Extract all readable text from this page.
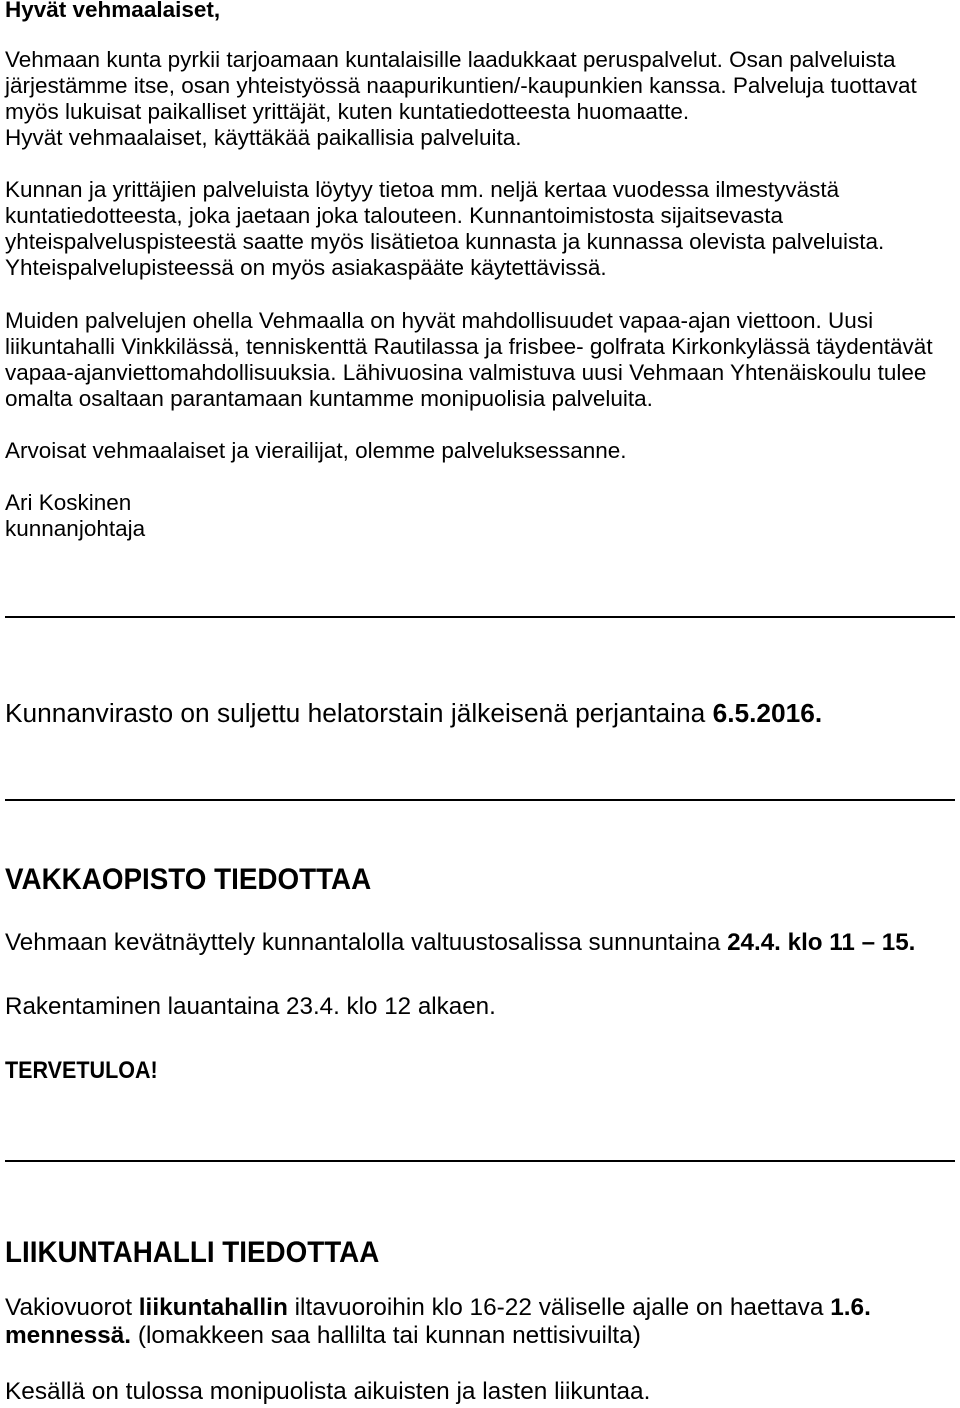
Hyvät vehmaalaiset,
Vehmaan kunta pyrkii tarjoamaan kuntalaisille laadukkaat peruspalvelut. Osan palveluista
järjestämme itse, osan yhteistyössä naapurikuntien/-kaupunkien kanssa. Palveluja tuottavat
myös lukuisat paikalliset yrittäjät, kuten kuntatiedotteesta huomaatte.
Hyvät vehmaalaiset, käyttäkää paikallisia palveluita.
Kunnan ja yrittäjien palveluista löytyy tietoa mm. neljä kertaa vuodessa ilmestyvästä
kuntatiedotteesta, joka jaetaan joka talouteen. Kunnantoimistosta sijaitsevasta
yhteispalveluspisteestä saatte myös lisätietoa kunnasta ja kunnassa olevista palveluista.
Yhteispalvelupisteessä on myös asiakaspääte käytettävissä.
Muiden palvelujen ohella Vehmaalla on hyvät mahdollisuudet vapaa-ajan viettoon. Uusi
liikuntahalli Vinkkilässä, tenniskenttä Rautilassa ja frisbee- golfrata Kirkonkylässä täydentävät
vapaa-ajanviettomahdollisuuksia. Lähivuosina valmistuva uusi Vehmaan Yhtenäiskoulu tulee
omalta osaltaan parantamaan kuntamme monipuolisia palveluita.
Arvoisat vehmaalaiset ja vierailijat, olemme palveluksessanne.
Ari Koskinen
kunnanjohtaja
Kunnanvirasto on suljettu helatorstain jälkeisenä perjantaina 6.5.2016.
VAKKAOPISTO TIEDOTTAA
Vehmaan kevätnäyttely kunnantalolla valtuustosalissa sunnuntaina 24.4. klo 11 – 15.
Rakentaminen lauantaina 23.4. klo 12 alkaen.
TERVETULOA!
LIIKUNTAHALLI TIEDOTTAA
Vakiovuorot liikuntahallin iltavuoroihin klo 16-22 väliselle ajalle on haettava 1.6.
mennessä. (lomakkeen saa hallilta tai kunnan nettisivuilta)
Kesällä on tulossa monipuolista aikuisten ja lasten liikuntaa.
